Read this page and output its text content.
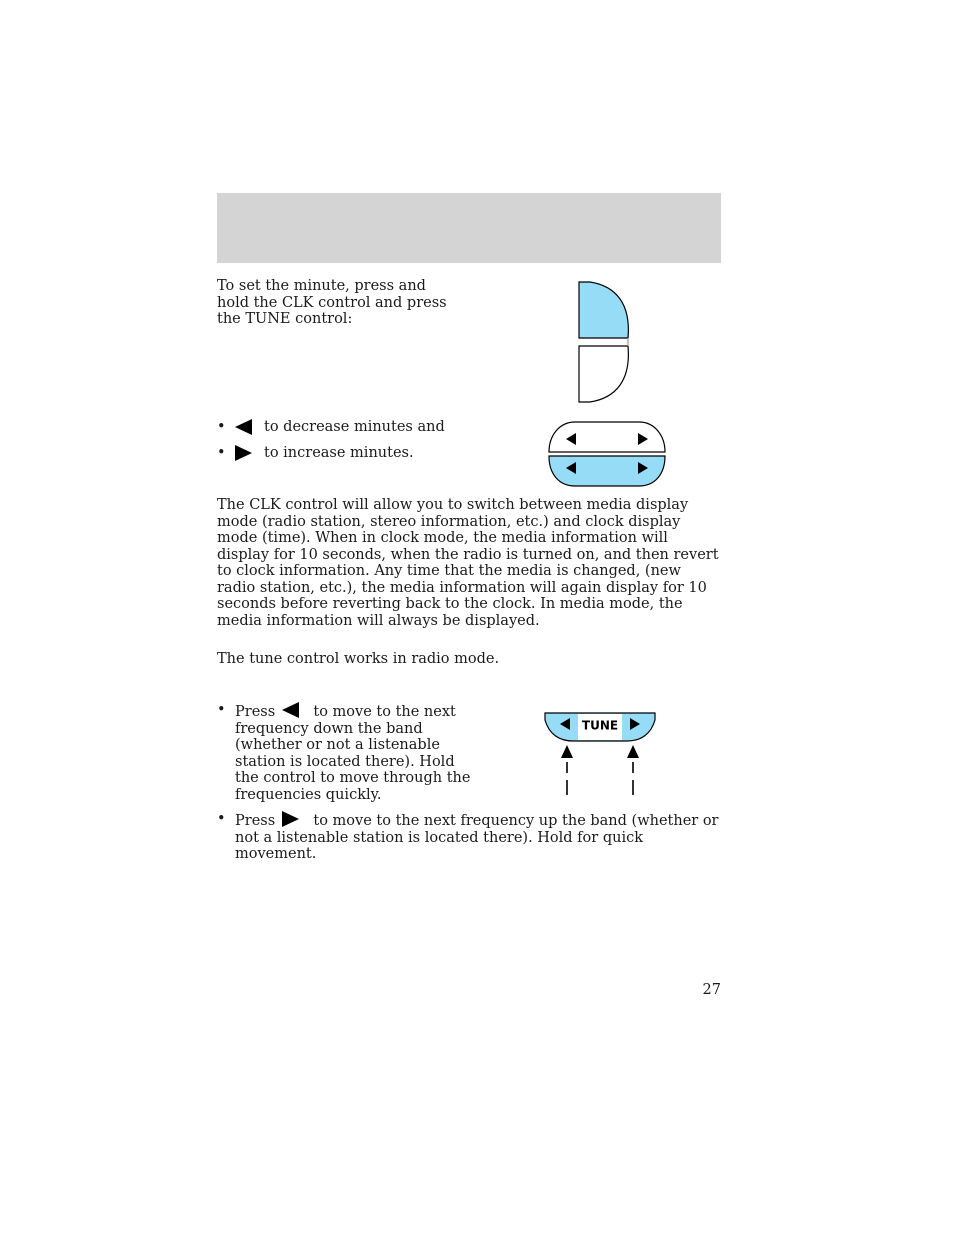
To set the minute, press and hold the CLK control and press the TUNE control:

•	to decrease minutes and
•	to increase minutes.

The CLK control will allow you to switch between media display mode (radio station, stereo information, etc.) and clock display mode (time). When in clock mode, the media information will display for 10 seconds, when the radio is turned on, and then revert to clock information. Any time that the media is changed, (new radio station, etc.), the media information will again display for 10 seconds before reverting back to the clock. In media mode, the media information will always be displayed.

The tune control works in radio mode.

• Press	to move to the next frequency down the band (whether or not a listenable station is located there). Hold the control to move through the frequencies quickly.
TUNE
• Press	to move to the next frequency up the band (whether or not a listenable station is located there). Hold for quick movement.
27
